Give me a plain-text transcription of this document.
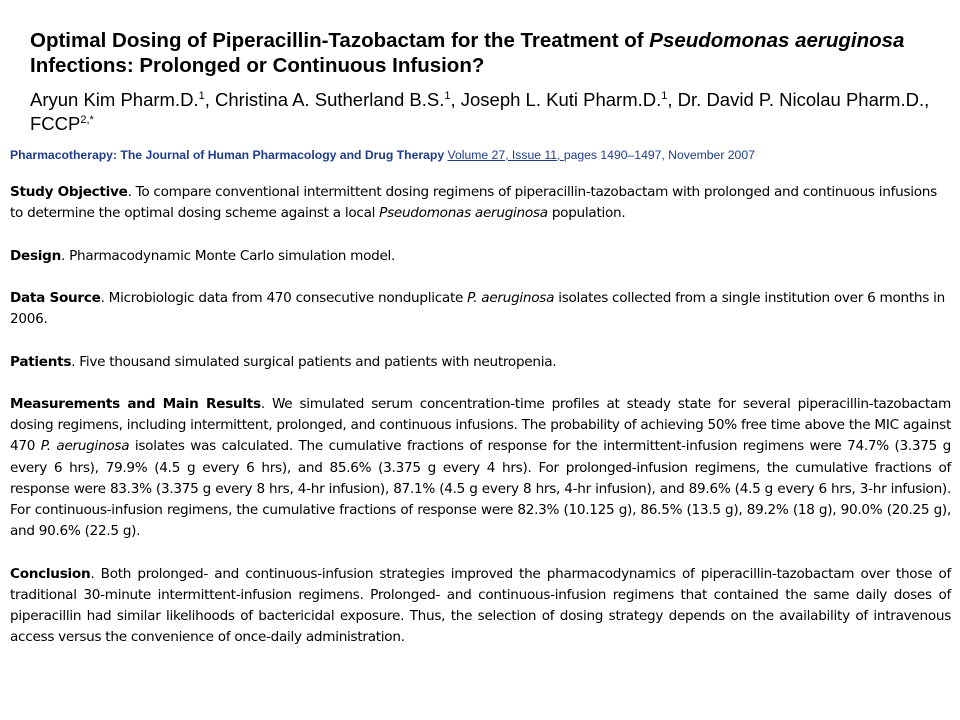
Optimal Dosing of Piperacillin-Tazobactam for the Treatment of Pseudomonas aeruginosa Infections: Prolonged or Continuous Infusion?

Aryun Kim Pharm.D.$^1$, Christina A. Sutherland B.S.$^1$, Joseph L. Kuti Pharm.D.$^1$, Dr. David P. Nicolau Pharm.D., $FCCP^{2,*}$

Pharmacotherapy: The Journal of Human Pharmacology and Drug Therapy Volume 27, Issue 11, pages 1490–1497, November 2007

Study Objective. To compare conventional intermittent dosing regimens of piperacillin-tazobactam with prolonged and continuous infusions to determine the optimal dosing scheme against a local Pseudomonas aeruginosa population.

Design. Pharmacodynamic Monte Carlo simulation model.

Data Source. Microbiologic data from 470 consecutive nonduplicate P. aeruginosa isolates collected from a single institution over 6 months in 2006.

Patients. Five thousand simulated surgical patients and patients with neutropenia.

Measurements and Main Results. We simulated serum concentration-time profiles at steady state for several piperacillin-tazobactam dosing regimens, including intermittent, prolonged, and continuous infusions. The probability of achieving 50% free time above the MIC against 470 P. aeruginosa isolates was calculated. The cumulative fractions of response for the intermittent-infusion regimens were 74.7% (3.375 g every 6 hrs), 79.9% (4.5 g every 6 hrs), and 85.6% (3.375 g every 4 hrs). For prolonged-infusion regimens, the cumulative fractions of response were 83.3% (3.375 g every 8 hrs, 4-hr infusion), 87.1% (4.5 g every 8 hrs, 4-hr infusion), and 89.6% (4.5 g every 6 hrs, 3-hr infusion). For continuous-infusion regimens, the cumulative fractions of response were 82.3% (10.125 g), 86.5% (13.5 g), 89.2% (18 g), 90.0% (20.25 g), and 90.6% (22.5 g).

Conclusion. Both prolonged- and continuous-infusion strategies improved the pharmacodynamics of piperacillin-tazobactam over those of traditional 30-minute intermittent-infusion regimens. Prolonged- and continuous-infusion regimens that contained the same daily doses of piperacillin had similar likelihoods of bactericidal exposure. Thus, the selection of dosing strategy depends on the availability of intravenous access versus the convenience of once-daily administration.
